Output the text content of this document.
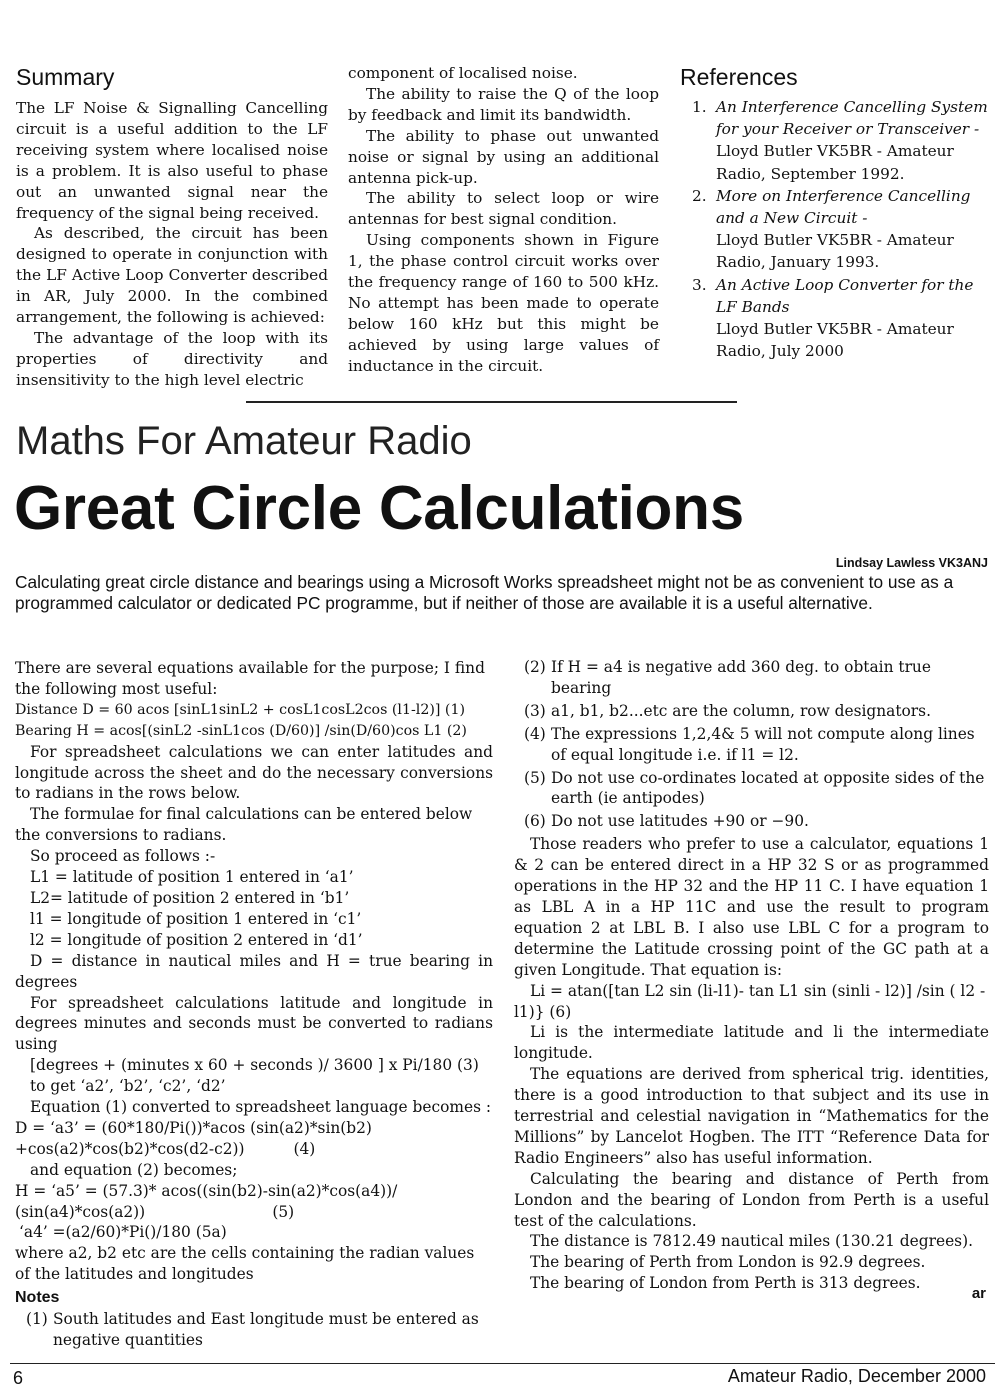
Summary

The LF Noise & Signalling Cancelling circuit is a useful addition to the LF receiving system where localised noise is a problem. It is also useful to phase out an unwanted signal near the frequency of the signal being received.

As described, the circuit has been designed to operate in conjunction with the LF Active Loop Converter described in AR, July 2000. In the combined arrangement, the following is achieved:

The advantage of the loop with its properties of directivity and insensitivity to the high level electric

component of localised noise.

The ability to raise the Q of the loop by feedback and limit its bandwidth.

The ability to phase out unwanted noise or signal by using an additional antenna pick-up.

The ability to select loop or wire antennas for best signal condition.

Using components shown in Figure 1, the phase control circuit works over the frequency range of 160 to 500 kHz. No attempt has been made to operate below 160 kHz but this might be achieved by using large values of inductance in the circuit.

References
1. An Interference Cancelling System for your Receiver or Transceiver -
Lloyd Butler VK5BR - Amateur Radio, September 1992.
2. More on Interference Cancelling and a New Circuit -
Lloyd Butler VK5BR - Amateur Radio, January 1993.
3. An Active Loop Converter for the LF Bands
Lloyd Butler VK5BR - Amateur Radio, July 2000
Maths For Amateur Radio
Great Circle Calculations
Lindsay Lawless VK3ANJ
Calculating great circle distance and bearings using a Microsoft Works spreadsheet might not be as convenient to use as a programmed calculator or dedicated PC programme, but if neither of those are available it is a useful alternative.

There are several equations available for the purpose; I find the following most useful:

Distance D = 60 acos [sinL1sinL2 + cosL1cosL2cos (l1-l2)] (1)

Bearing H = acos[(sinL2 -sinL1cos (D/60)] /sin(D/60)cos L1 (2)

For spreadsheet calculations we can enter latitudes and longitude across the sheet and do the necessary conversions to radians in the rows below.

The formulae for final calculations can be entered below the conversions to radians.

So proceed as follows :-

L1 = latitude of position 1 entered in ‘a1’

L2= latitude of position 2 entered in ‘b1’

l1 = longitude of position 1 entered in ‘c1’

l2 = longitude of position 2 entered in ‘d1’

D = distance in nautical miles and H = true bearing in degrees

For spreadsheet calculations latitude and longitude in degrees minutes and seconds must be converted to radians using

[degrees + (minutes x 60 + seconds )/ 3600 ] x Pi/180 (3)

to get ‘a2’, ‘b2’, ‘c2’, ‘d2’

Equation (1) converted to spreadsheet language becomes :

D = ‘a3’ = (60*180/Pi())*acos (sin(a2)*sin(b2)

+cos(a2)*cos(b2)*cos(d2-c2))          (4)

and equation (2) becomes;

H = ‘a5’ = (57.3)* acos((sin(b2)-sin(a2)*cos(a4))/

(sin(a4)*cos(a2))                          (5)

‘a4’ =(a2/60)*Pi()/180 (5a)

where a2, b2 etc are the cells containing the radian values of the latitudes and longitudes

Notes

(1) South latitudes and East longitude must be entered as negative quantities

(2) If H = a4 is negative add 360 deg. to obtain true bearing

(3) a1, b1, b2...etc are the column, row designators.

(4) The expressions 1,2,4& 5 will not compute along lines of equal longitude i.e. if l1 = l2.

(5) Do not use co-ordinates located at opposite sides of the earth (ie antipodes)

(6) Do not use latitudes +90 or −90.

Those readers who prefer to use a calculator, equations 1 & 2 can be entered direct in a HP 32 S or as programmed operations in the HP 32 and the HP 11 C. I have equation 1 as LBL A in a HP 11C and use the result to program equation 2 at LBL B. I also use LBL C for a program to determine the Latitude crossing point of the GC path at a given Longitude. That equation is:

Li = atan([tan L2 sin (li-l1)- tan L1 sin (sinli - l2)] /sin ( l2 - l1)} (6)

Li is the intermediate latitude and li the intermediate longitude.

The equations are derived from spherical trig. identities, there is a good introduction to that subject and its use in terrestrial and celestial navigation in “Mathematics for the Millions” by Lancelot Hogben. The ITT “Reference Data for Radio Engineers” also has useful information.

Calculating the bearing and distance of Perth from London and the bearing of London from Perth is a useful test of the calculations.

The distance is 7812.49 nautical miles (130.21 degrees).

The bearing of Perth from London is 92.9 degrees.

The bearing of London from Perth is 313 degrees.

ar
6	Amateur Radio, December 2000
